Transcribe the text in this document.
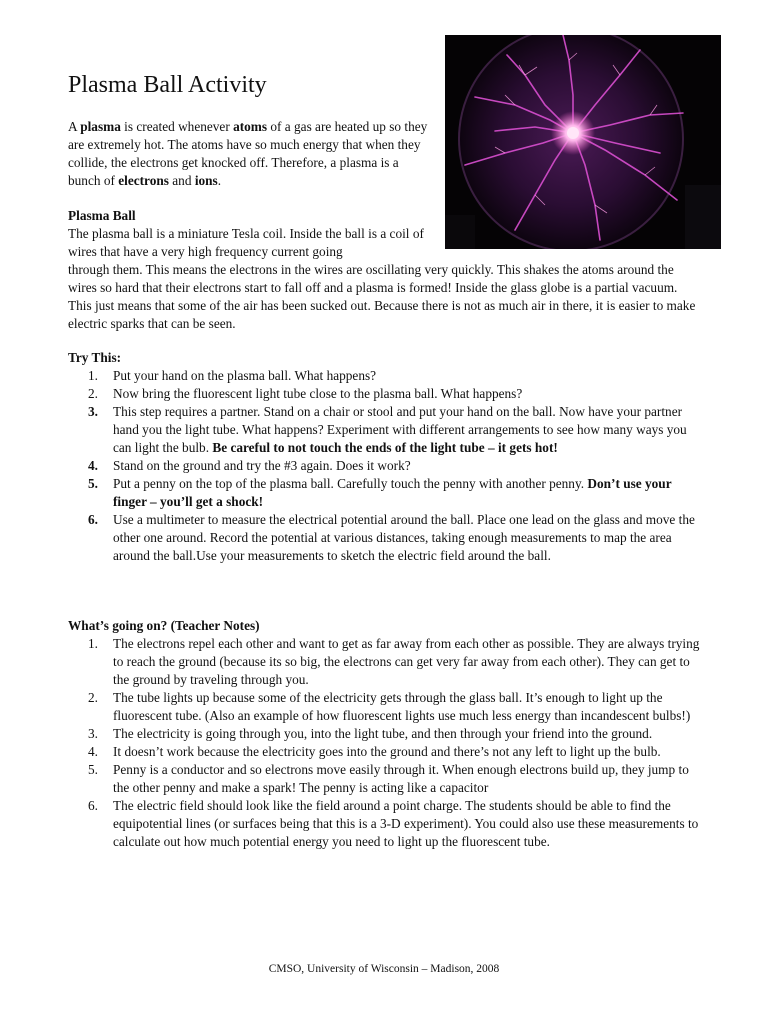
Plasma Ball Activity

A plasma is created whenever atoms of a gas are heated up so they are extremely hot. The atoms have so much energy that when they collide, the electrons get knocked off. Therefore, a plasma is a bunch of electrons and ions.

Plasma Ball
The plasma ball is a miniature Tesla coil. Inside the ball is a coil of wires that have a very high frequency current going
through them. This means the electrons in the wires are oscillating very quickly. This shakes the atoms around the wires so hard that their electrons start to fall off and a plasma is formed! Inside the glass globe is a partial vacuum. This just means that some of the air has been sucked out. Because there is not as much air in there, it is easier to make electric sparks that can be seen.
Try This:
1.	Put your hand on the plasma ball. What happens?
2.	Now bring the fluorescent light tube close to the plasma ball. What happens?
3.	This step requires a partner. Stand on a chair or stool and put your hand on the ball. Now have your partner hand you the light tube. What happens? Experiment with different arrangements to see how many ways you can light the bulb. Be careful to not touch the ends of the light tube – it gets hot!
4.	Stand on the ground and try the #3 again. Does it work?
5.	Put a penny on the top of the plasma ball. Carefully touch the penny with another penny. Don’t use your finger – you’ll get a shock!
6.	Use a multimeter to measure the electrical potential around the ball. Place one lead on the glass and move the other one around. Record the potential at various distances, taking enough measurements to map the area around the ball.Use your measurements to sketch the electric field around the ball.
What’s going on? (Teacher Notes)
1.	The electrons repel each other and want to get as far away from each other as possible. They are always trying to reach the ground (because its so big, the electrons can get very far away from each other). They can get to the ground by traveling through you.
2.	The tube lights up because some of the electricity gets through the glass ball. It’s enough to light up the fluorescent tube. (Also an example of how fluorescent lights use much less energy than incandescent bulbs!)
3.	The electricity is going through you, into the light tube, and then through your friend into the ground.
4.	It doesn’t work because the electricity goes into the ground and there’s not any left to light up the bulb.
5.	Penny is a conductor and so electrons move easily through it. When enough electrons build up, they jump to the other penny and make a spark! The penny is acting like a capacitor
6.	The electric field should look like the field around a point charge. The students should be able to find the equipotential lines (or surfaces being that this is a 3-D experiment). You could also use these measurements to calculate out how much potential energy you need to light up the fluorescent tube.
CMSO, University of Wisconsin – Madison, 2008
